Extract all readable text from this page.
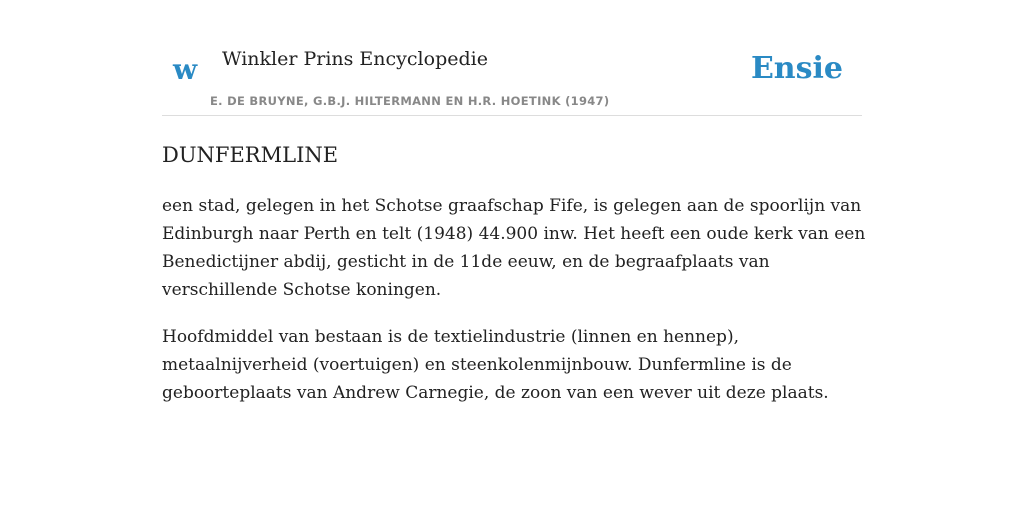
w Winkler Prins Encyclopedie
E. DE BRUYNE, G.B.J. HILTERMANN EN H.R. HOETINK (1947)
Ensie
DUNFERMLINE

een stad, gelegen in het Schotse graafschap Fife, is gelegen aan de spoorlijn van
Edinburgh naar Perth en telt (1948) 44.900 inw. Het heeft een oude kerk van een
Benedictijner abdij, gesticht in de 11de eeuw, en de begraafplaats van
verschillende Schotse koningen.

Hoofdmiddel van bestaan is de textielindustrie (linnen en hennep),
metaalnijverheid (voertuigen) en steenkolenmijnbouw. Dunfermline is de
geboorteplaats van Andrew Carnegie, de zoon van een wever uit deze plaats.
